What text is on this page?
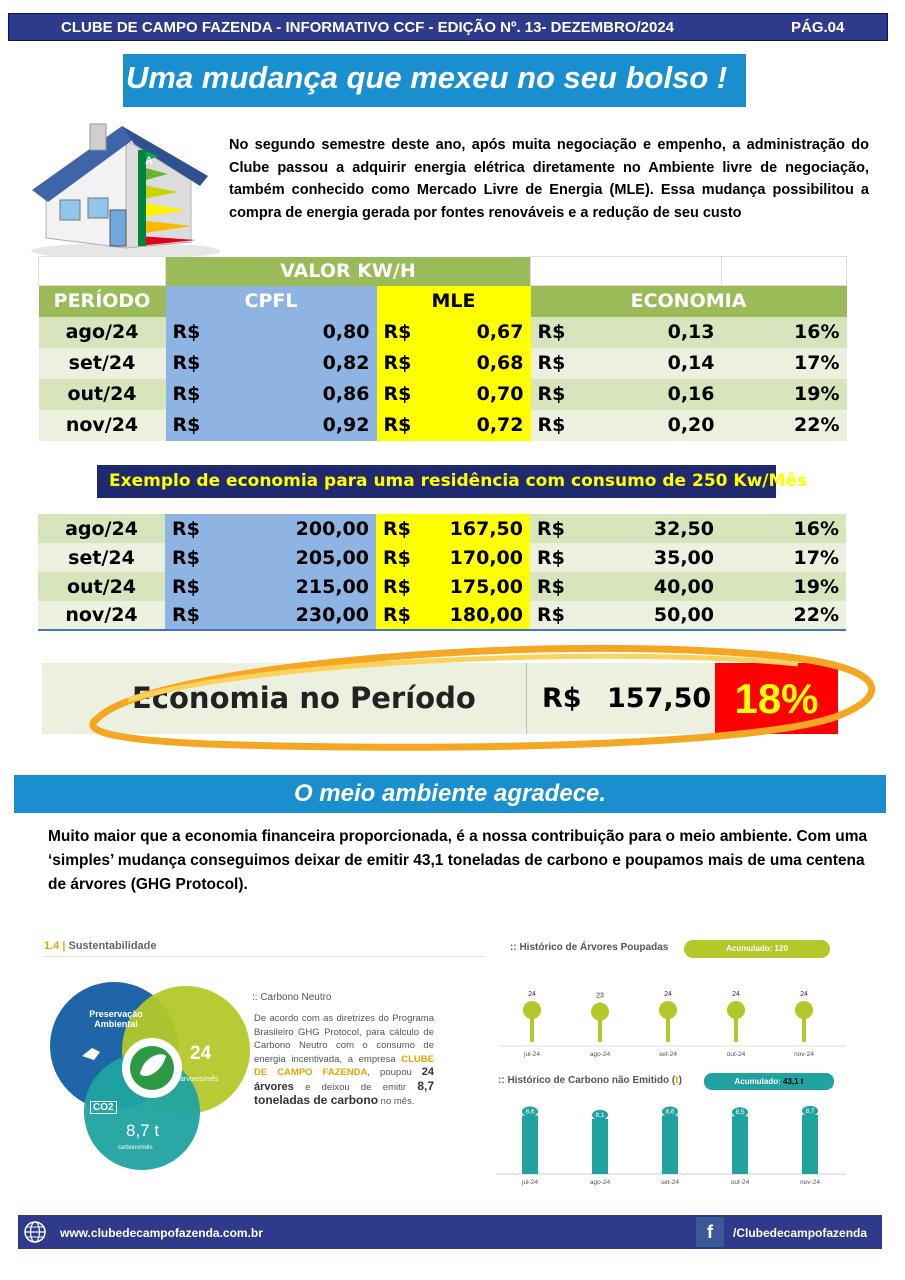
CLUBE DE CAMPO FAZENDA - INFORMATIVO CCF - EDIÇÃO Nº. 13- DEZEMBRO/2024	PÁG.04
Uma mudança que mexeu no seu bolso !
A
No segundo semestre deste ano, após muita negociação e empenho, a administração do Clube passou a adquirir energia elétrica diretamente no Ambiente livre de negociação, também conhecido como Mercado Livre de Energia (MLE). Essa mudança possibilitou a compra de energia gerada por fontes renováveis e a redução de seu custo
	VALOR KW/H			
PERÍODO	CPFL	MLE	ECONOMIA	
ago/24	R$ 0,80	R$ 0,67	R$ 0,13	16%
set/24	R$ 0,82	R$ 0,68	R$ 0,14	17%
out/24	R$ 0,86	R$ 0,70	R$ 0,16	19%
nov/24	R$ 0,92	R$ 0,72	R$ 0,20	22%
Exemplo de economia para uma residência com consumo de 250 Kw/Mês
ago/24	R$ 200,00	R$ 167,50	R$ 32,50	16%
set/24	R$ 205,00	R$ 170,00	R$ 35,00	17%
out/24	R$ 215,00	R$ 175,00	R$ 40,00	19%
nov/24	R$ 230,00	R$ 180,00	R$ 50,00	22%
Economia no Período R$ 157,50 18%
O meio ambiente agradece.
Muito maior que a economia financeira proporcionada, é a nossa contribuição para o meio ambiente. Com uma ‘simples’ mudança conseguimos deixar de emitir 43,1 toneladas de carbono e poupamos mais de uma centena de árvores (GHG Protocol).
1.4 | Sustentabilidade
Preservação Ambiental
24
árvores/mês
CO2
8,7 t
carbono/mês
:: Carbono Neutro
De acordo com as diretrizes do Programa Brasileiro GHG Protocol, para cálculo de Carbono Neutro com o consumo de energia incentivada, a empresa CLUBE DE CAMPO FAZENDA, poupou 24 árvores e deixou de emitir 8,7 toneladas de carbono no mês.
:: Histórico de Árvores Poupadas	Acumulado: 120
24
jul-24
23
ago-24
24
set-24
24
out-24
24
nov-24
:: Histórico de Carbono não Emitido (t)	Acumulado: 43,1 t
8,6
jul-24
8,1
ago-24
8,6
set-24
8,5
out-24
8,7
nov-24
www.clubedecampofazenda.com.br	f	/Clubedecampofazenda
